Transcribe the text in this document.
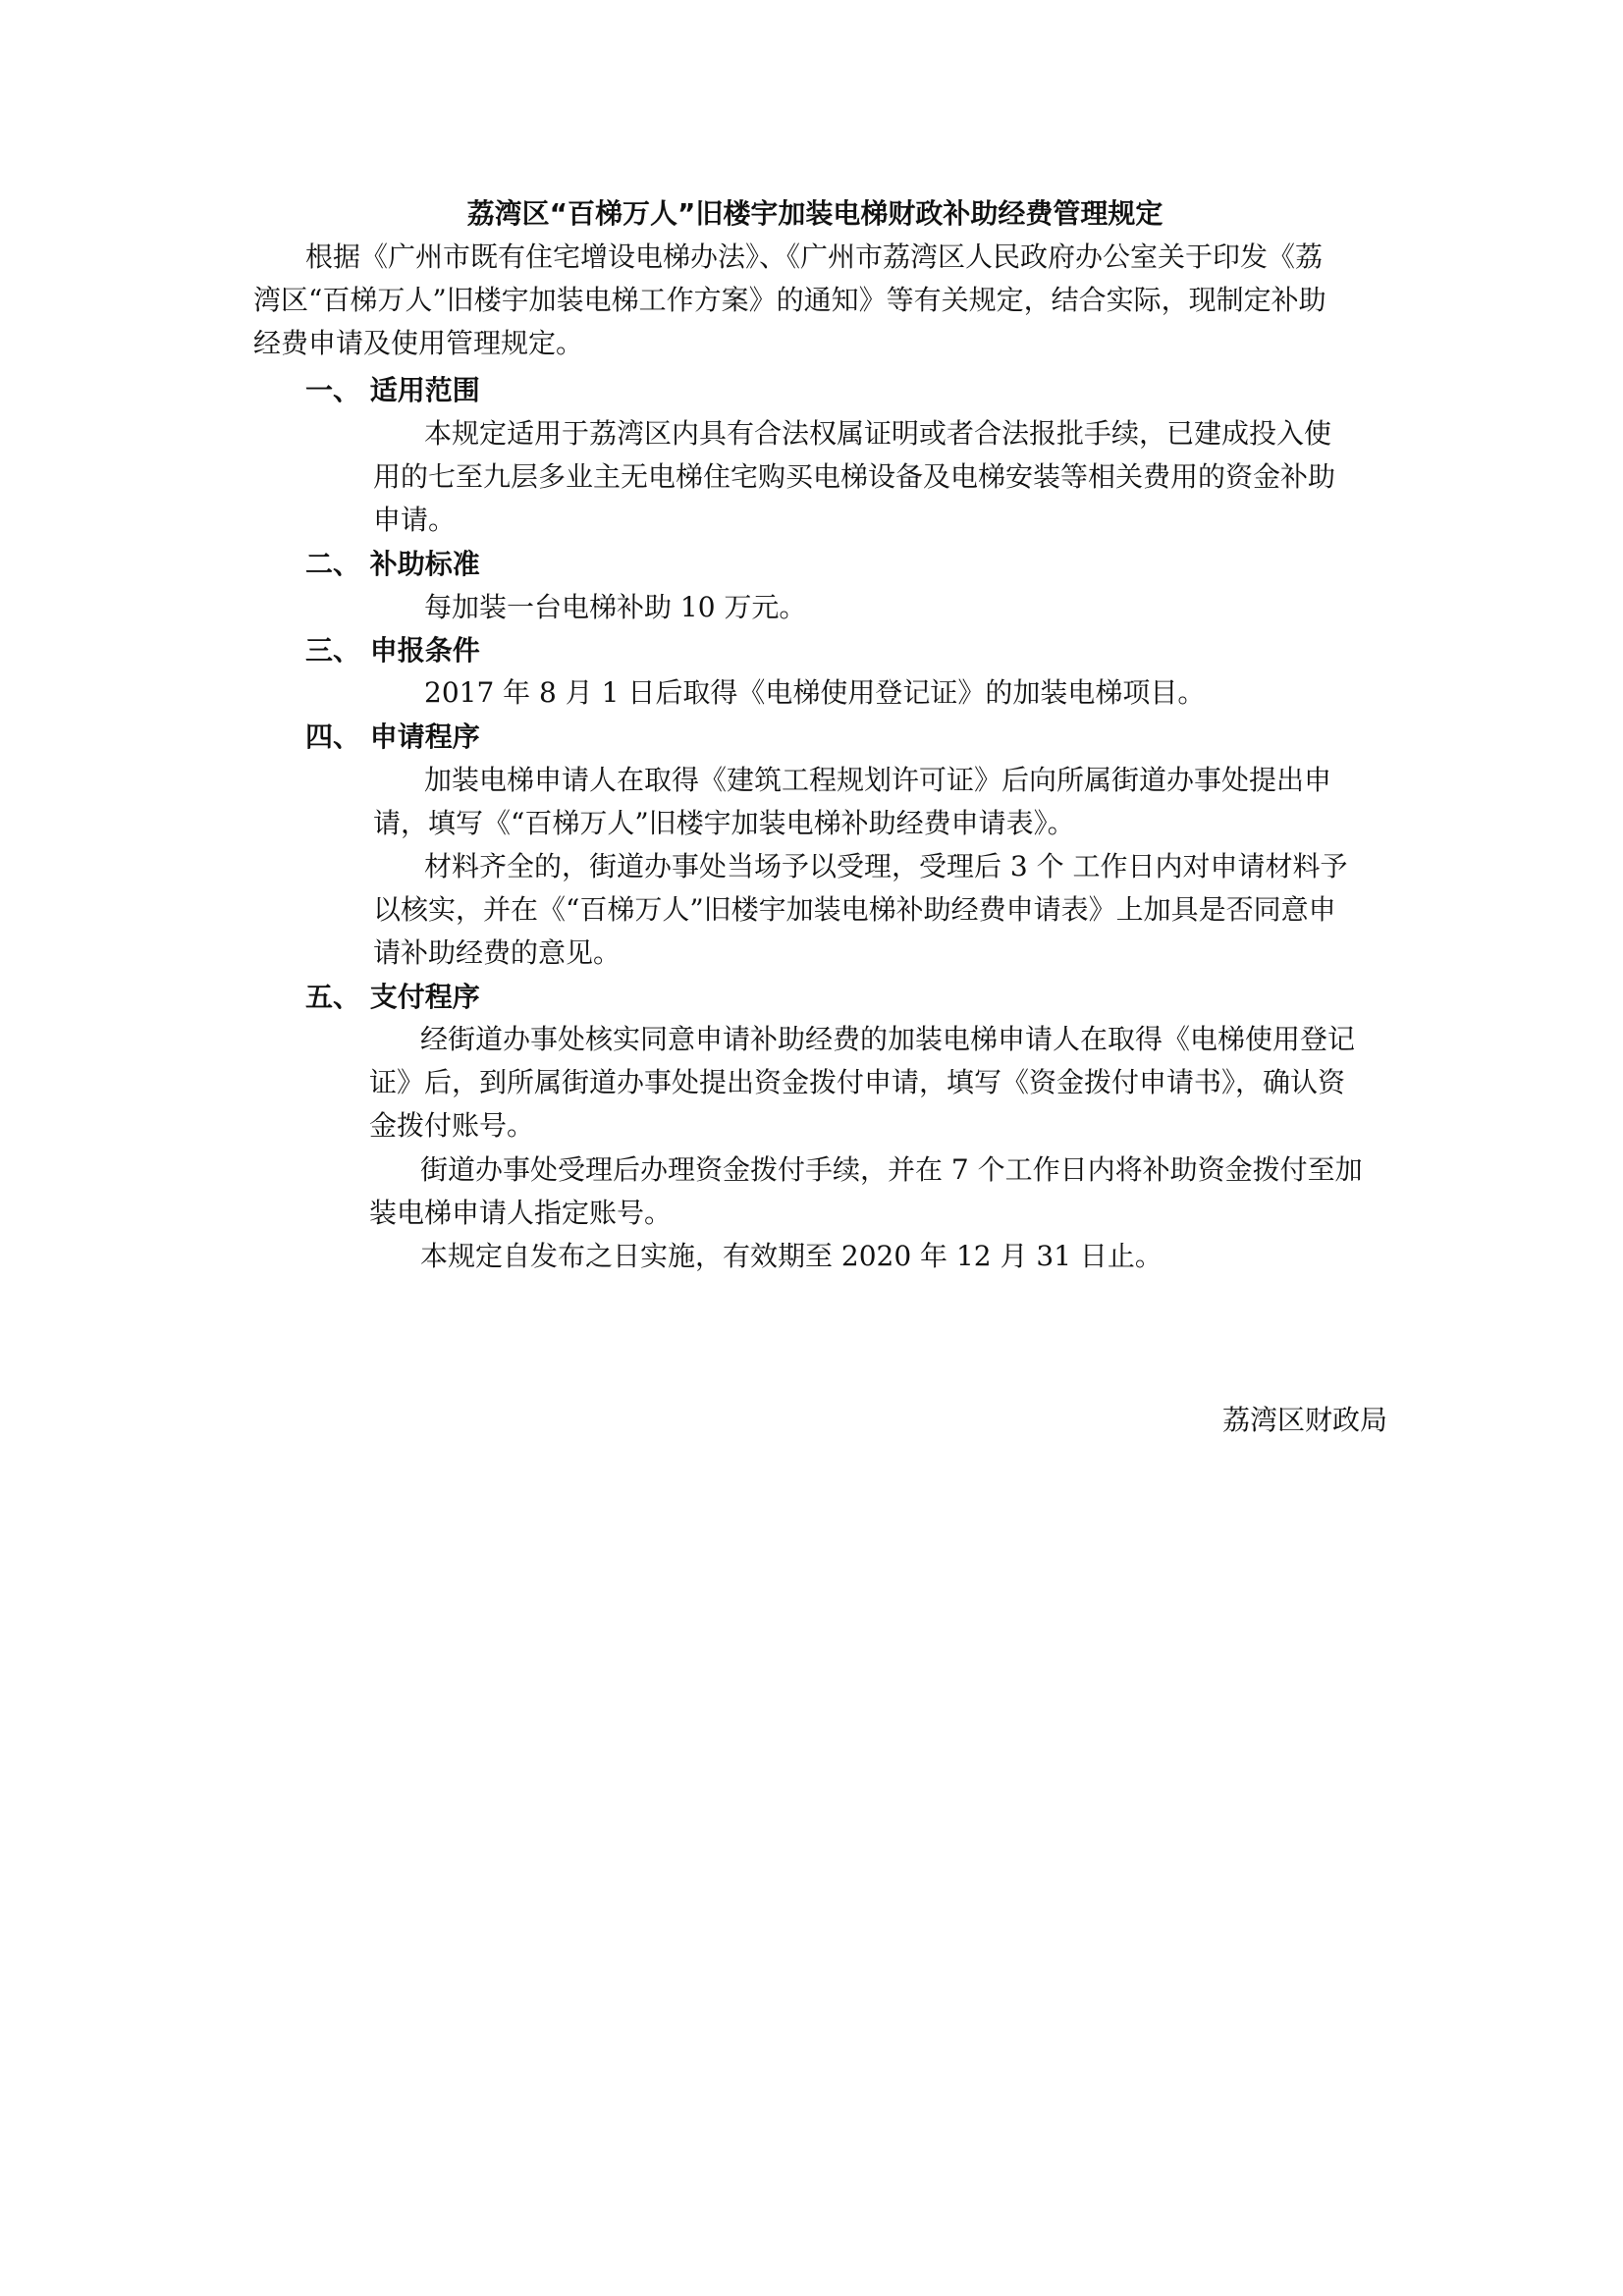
荔湾区“百梯万人”旧楼宇加装电梯财政补助经费管理规定
根据《广州市既有住宅增设电梯办法》、《广州市荔湾区人民政府办公室关于印发《荔
湾区“百梯万人”旧楼宇加装电梯工作方案》的通知》等有关规定，结合实际，现制定补助
经费申请及使用管理规定。
一、 适用范围
本规定适用于荔湾区内具有合法权属证明或者合法报批手续，已建成投入使
用的七至九层多业主无电梯住宅购买电梯设备及电梯安装等相关费用的资金补助
申请。
二、 补助标准
每加装一台电梯补助 10 万元。
三、 申报条件
2017 年 8 月 1 日后取得《电梯使用登记证》的加装电梯项目。
四、 申请程序
加装电梯申请人在取得《建筑工程规划许可证》后向所属街道办事处提出申
请，填写《“百梯万人”旧楼宇加装电梯补助经费申请表》。
材料齐全的，街道办事处当场予以受理，受理后 3 个 工作日内对申请材料予
以核实，并在《“百梯万人”旧楼宇加装电梯补助经费申请表》上加具是否同意申
请补助经费的意见。
五、 支付程序
经街道办事处核实同意申请补助经费的加装电梯申请人在取得《电梯使用登记
证》后，到所属街道办事处提出资金拨付申请，填写《资金拨付申请书》，确认资
金拨付账号。
街道办事处受理后办理资金拨付手续，并在 7 个工作日内将补助资金拨付至加
装电梯申请人指定账号。
本规定自发布之日实施，有效期至 2020 年 12 月 31 日止。
荔湾区财政局
